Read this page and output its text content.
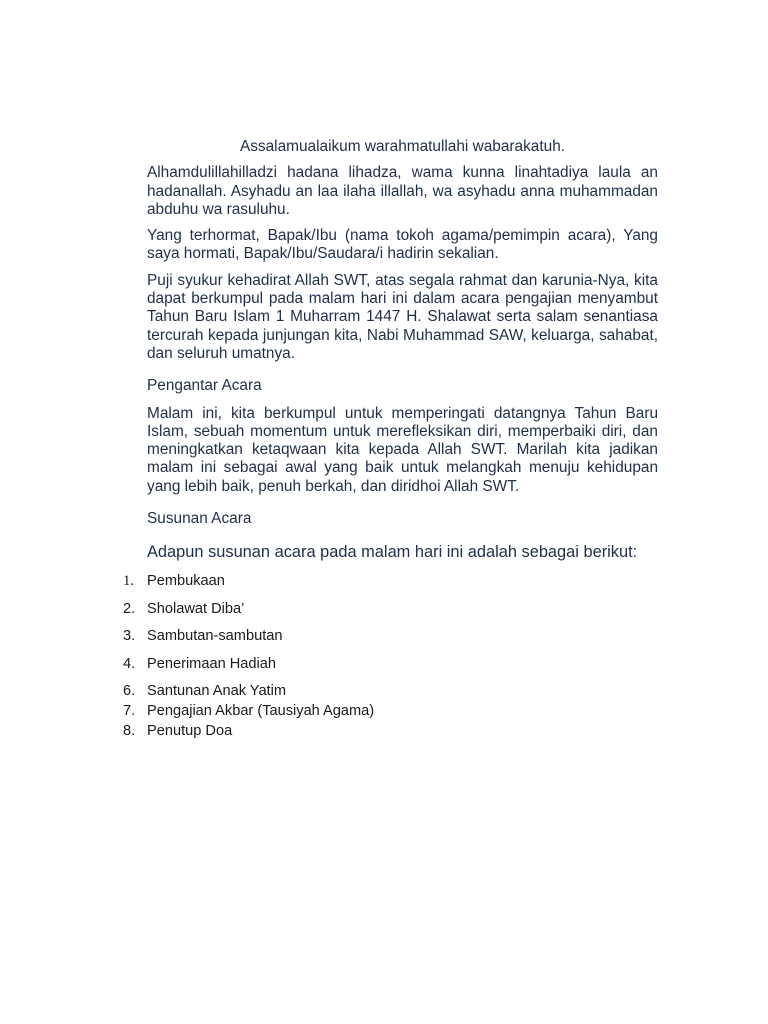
Assalamualaikum warahmatullahi wabarakatuh.

Alhamdulillahilladzi hadana lihadza, wama kunna linahtadiya laula an hadanallah. Asyhadu an laa ilaha illallah, wa asyhadu anna muhammadan abduhu wa rasuluhu.

Yang terhormat, Bapak/Ibu (nama tokoh agama/pemimpin acara), Yang saya hormati, Bapak/Ibu/Saudara/i hadirin sekalian.

Puji syukur kehadirat Allah SWT, atas segala rahmat dan karunia-Nya, kita dapat berkumpul pada malam hari ini dalam acara pengajian menyambut Tahun Baru Islam 1 Muharram 1447 H. Shalawat serta salam senantiasa tercurah kepada junjungan kita, Nabi Muhammad SAW, keluarga, sahabat, dan seluruh umatnya.

Pengantar Acara

Malam ini, kita berkumpul untuk memperingati datangnya Tahun Baru Islam, sebuah momentum untuk merefleksikan diri, memperbaiki diri, dan meningkatkan ketaqwaan kita kepada Allah SWT. Marilah kita jadikan malam ini sebagai awal yang baik untuk melangkah menuju kehidupan yang lebih baik, penuh berkah, dan diridhoi Allah SWT.

Susunan Acara

Adapun susunan acara pada malam hari ini adalah sebagai berikut:

1. Pembukaan
2. Sholawat Diba’
3. Sambutan-sambutan
4. Penerimaan Hadiah
6. Santunan Anak Yatim
7. Pengajian Akbar (Tausiyah Agama)
8. Penutup Doa
